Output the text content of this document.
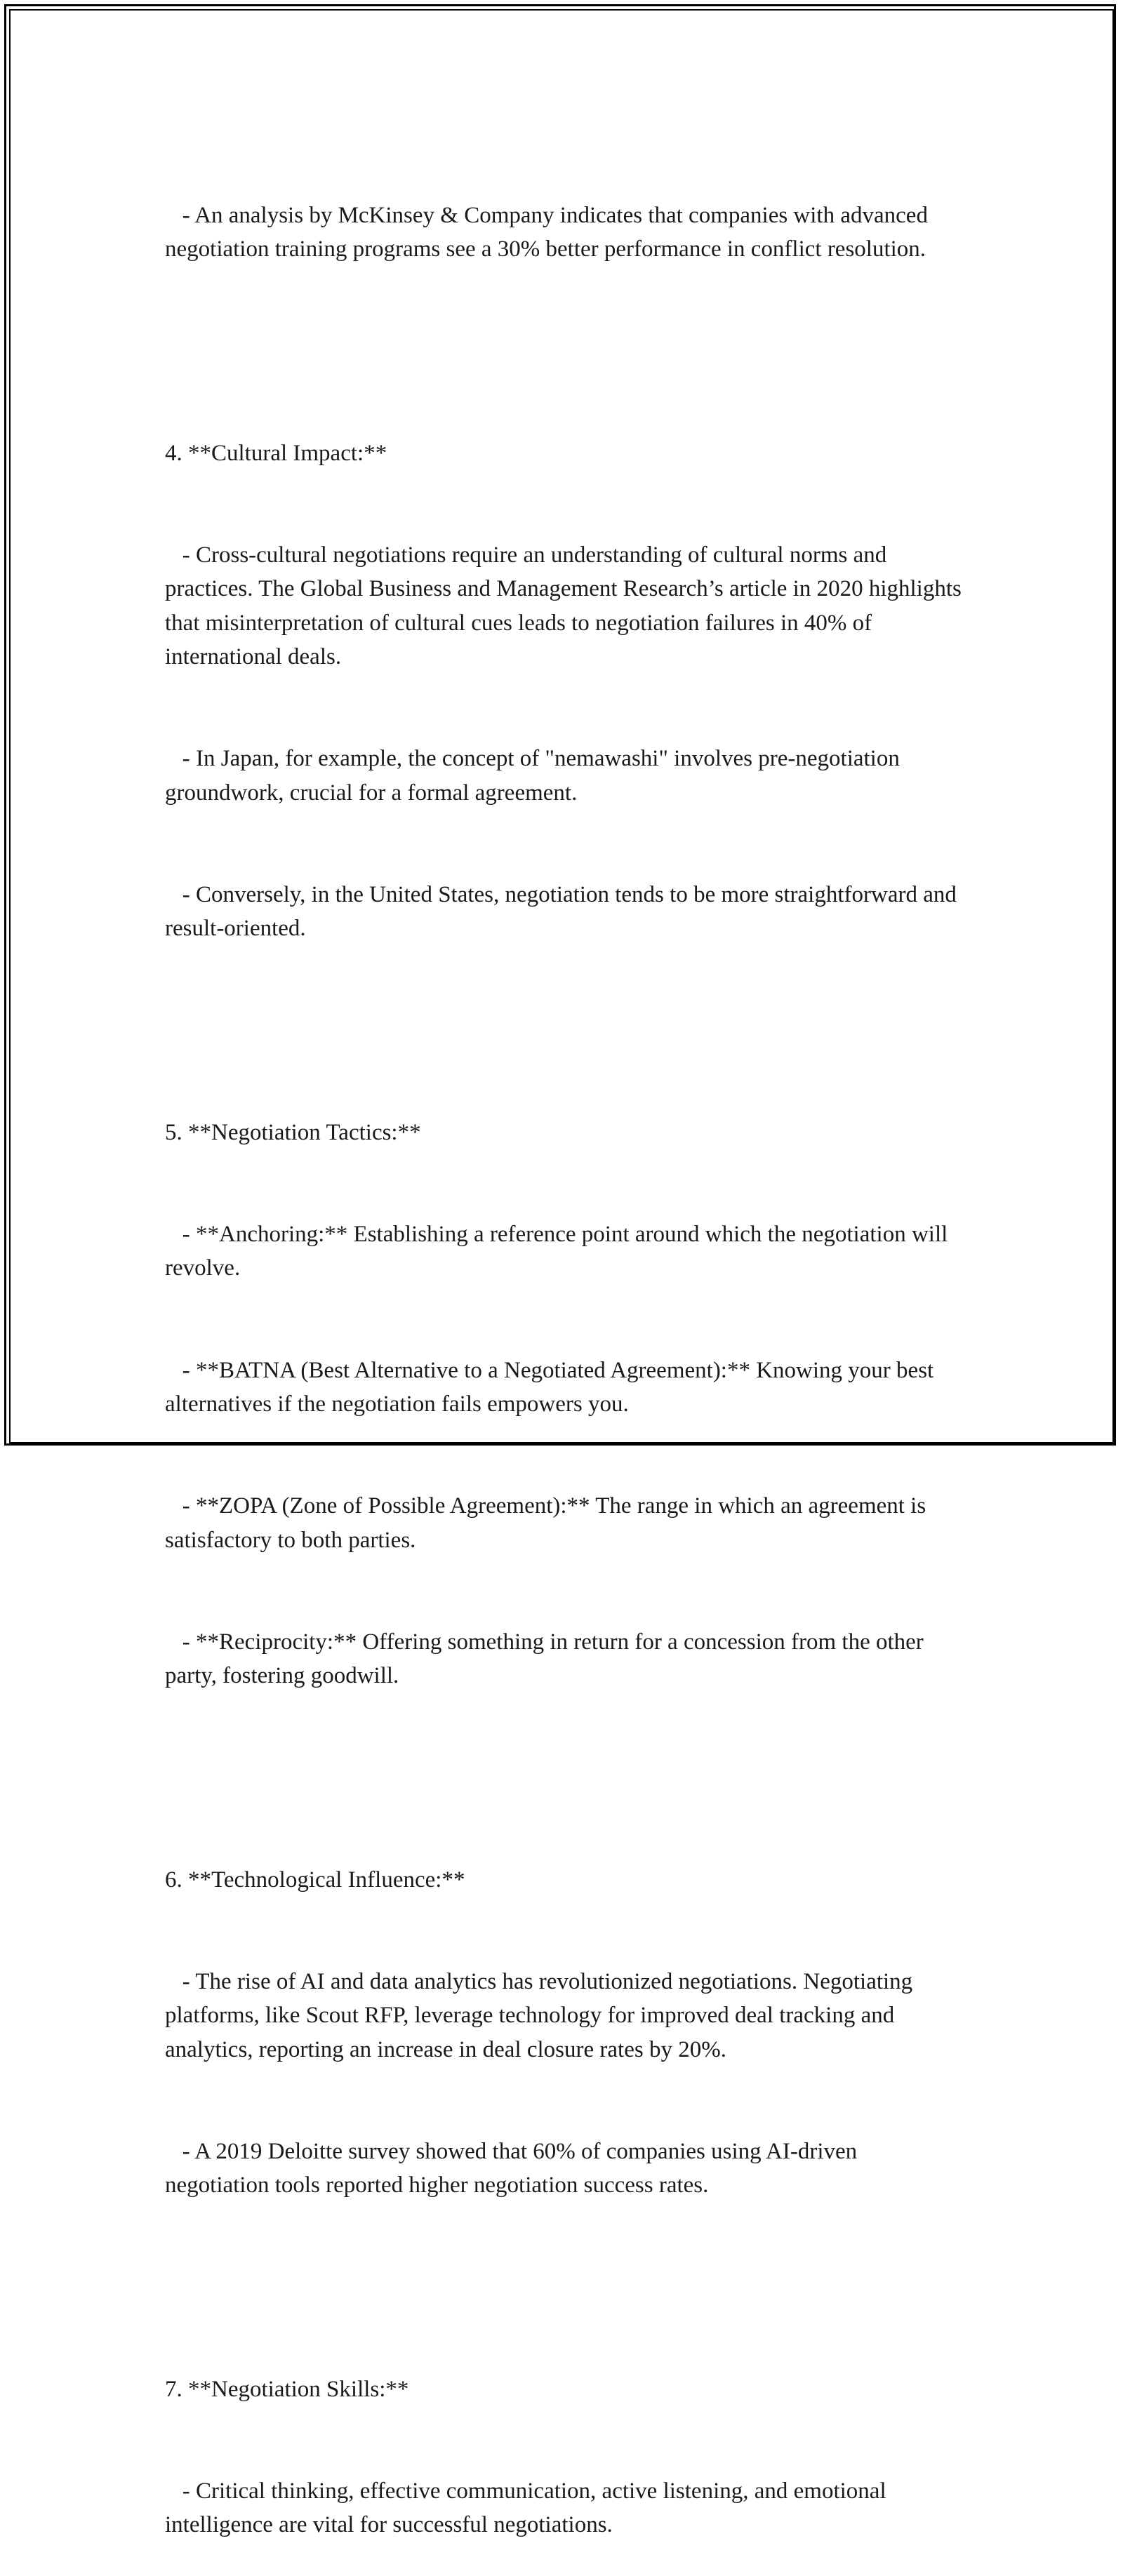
- An analysis by McKinsey & Company indicates that companies with advanced negotiation training programs see a 30% better performance in conflict resolution.

4. **Cultural Impact:**

- Cross-cultural negotiations require an understanding of cultural norms and practices. The Global Business and Management Research’s article in 2020 highlights that misinterpretation of cultural cues leads to negotiation failures in 40% of international deals.

- In Japan, for example, the concept of "nemawashi" involves pre-negotiation groundwork, crucial for a formal agreement.

- Conversely, in the United States, negotiation tends to be more straightforward and result-oriented.

5. **Negotiation Tactics:**

- **Anchoring:** Establishing a reference point around which the negotiation will revolve.

- **BATNA (Best Alternative to a Negotiated Agreement):** Knowing your best alternatives if the negotiation fails empowers you.

- **ZOPA (Zone of Possible Agreement):** The range in which an agreement is satisfactory to both parties.

- **Reciprocity:** Offering something in return for a concession from the other party, fostering goodwill.

6. **Technological Influence:**

- The rise of AI and data analytics has revolutionized negotiations. Negotiating platforms, like Scout RFP, leverage technology for improved deal tracking and analytics, reporting an increase in deal closure rates by 20%.

- A 2019 Deloitte survey showed that 60% of companies using AI-driven negotiation tools reported higher negotiation success rates.

7. **Negotiation Skills:**

- Critical thinking, effective communication, active listening, and emotional intelligence are vital for successful negotiations.
